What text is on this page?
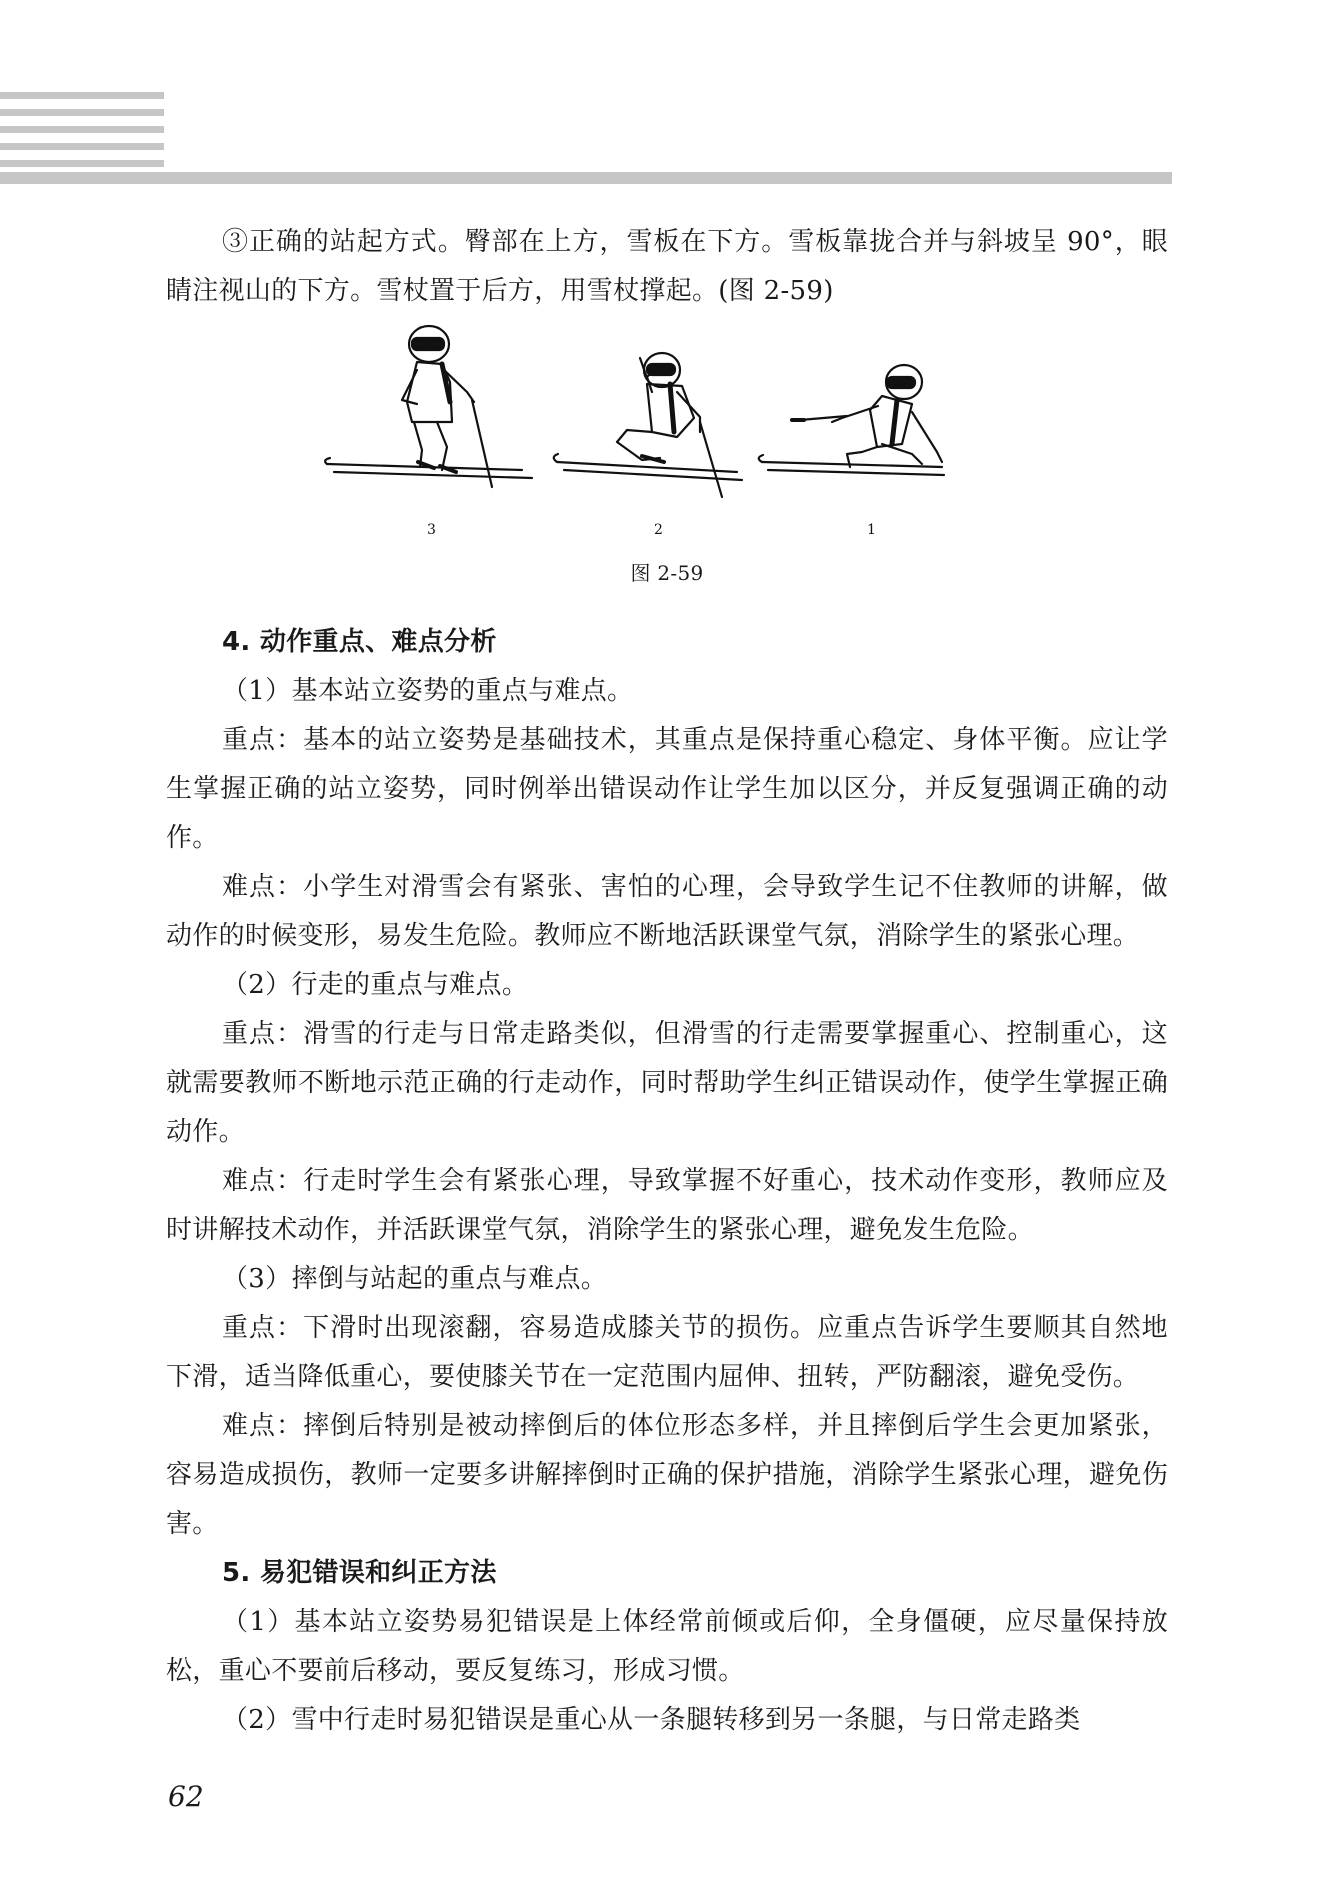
③正确的站起方式。臀部在上方，雪板在下方。雪板靠拢合并与斜坡呈 90°，眼睛注视山的下方。雪杖置于后方，用雪杖撑起。(图 2-59)

3	2	1
图 2-59
4. 动作重点、难点分析

（1）基本站立姿势的重点与难点。

重点：基本的站立姿势是基础技术，其重点是保持重心稳定、身体平衡。应让学生掌握正确的站立姿势，同时例举出错误动作让学生加以区分，并反复强调正确的动作。

难点：小学生对滑雪会有紧张、害怕的心理，会导致学生记不住教师的讲解，做动作的时候变形，易发生危险。教师应不断地活跃课堂气氛，消除学生的紧张心理。

（2）行走的重点与难点。

重点：滑雪的行走与日常走路类似，但滑雪的行走需要掌握重心、控制重心，这就需要教师不断地示范正确的行走动作，同时帮助学生纠正错误动作，使学生掌握正确动作。

难点：行走时学生会有紧张心理，导致掌握不好重心，技术动作变形，教师应及时讲解技术动作，并活跃课堂气氛，消除学生的紧张心理，避免发生危险。

（3）摔倒与站起的重点与难点。

重点：下滑时出现滚翻，容易造成膝关节的损伤。应重点告诉学生要顺其自然地下滑，适当降低重心，要使膝关节在一定范围内屈伸、扭转，严防翻滚，避免受伤。

难点：摔倒后特别是被动摔倒后的体位形态多样，并且摔倒后学生会更加紧张，容易造成损伤，教师一定要多讲解摔倒时正确的保护措施，消除学生紧张心理，避免伤害。

5. 易犯错误和纠正方法

（1）基本站立姿势易犯错误是上体经常前倾或后仰，全身僵硬，应尽量保持放松，重心不要前后移动，要反复练习，形成习惯。

（2）雪中行走时易犯错误是重心从一条腿转移到另一条腿，与日常走路类

62
